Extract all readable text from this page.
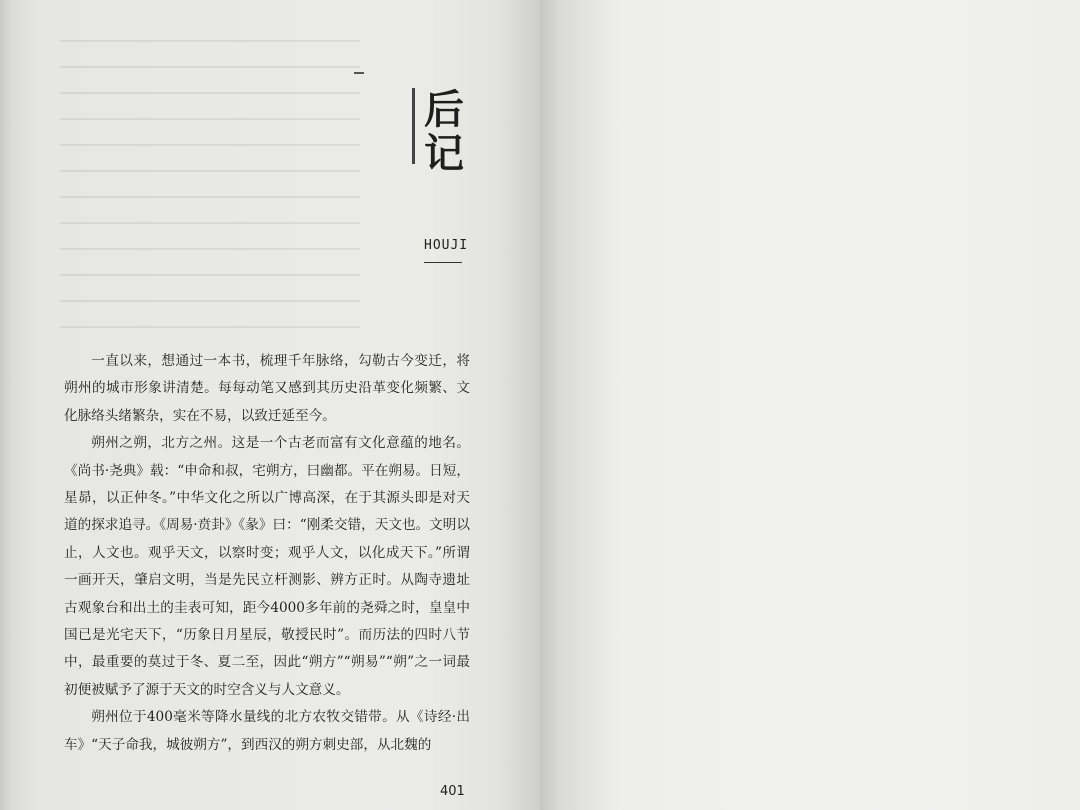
后记
HOUJI

一直以来，想通过一本书，梳理千年脉络，勾勒古今变迁，将朔州的城市形象讲清楚。每每动笔又感到其历史沿革变化频繁、文化脉络头绪繁杂，实在不易，以致迁延至今。

朔州之朔，北方之州。这是一个古老而富有文化意蕴的地名。《尚书·尧典》载：“申命和叔，宅朔方，曰幽都。平在朔易。日短，星昴，以正仲冬。”中华文化之所以广博高深，在于其源头即是对天道的探求追寻。《周易·贲卦》《彖》曰：“刚柔交错，天文也。文明以止，人文也。观乎天文，以察时变；观乎人文，以化成天下。”所谓一画开天，肇启文明，当是先民立杆测影、辨方正时。从陶寺遗址古观象台和出土的圭表可知，距今4000多年前的尧舜之时，皇皇中国已是光宅天下，“历象日月星辰，敬授民时”。而历法的四时八节中，最重要的莫过于冬、夏二至，因此“朔方”“朔易”“朔”之一词最初便被赋予了源于天文的时空含义与人文意义。

朔州位于400毫米等降水量线的北方农牧交错带。从《诗经·出车》“天子命我，城彼朔方”，到西汉的朔方刺史部，从北魏的

401
